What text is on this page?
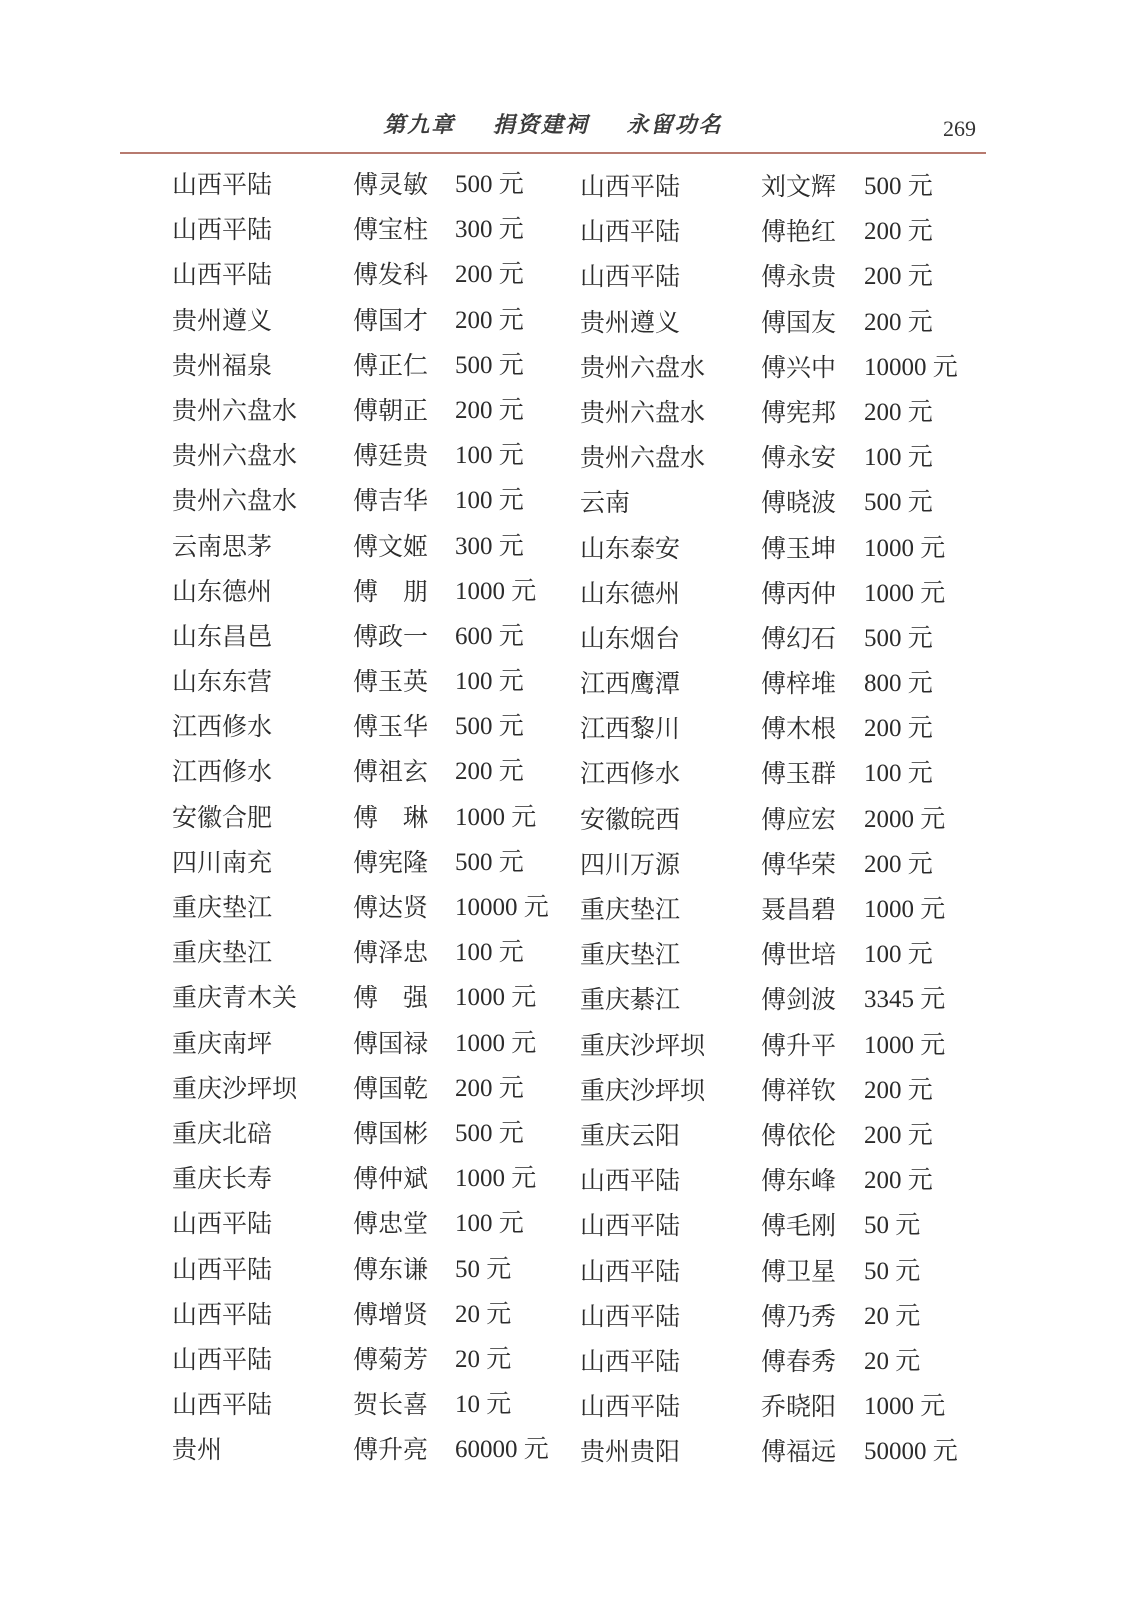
第九章 捐资建祠 永留功名	269
山西平陆	傅灵敏 500 元 山西平陆	刘文辉 500 元
山西平陆	傅宝柱 300 元 山西平陆	傅艳红 200 元
山西平陆	傅发科 200 元 山西平陆	傅永贵 200 元
贵州遵义	傅国才 200 元 贵州遵义	傅国友 200 元
贵州福泉	傅正仁 500 元 贵州六盘水 傅兴中 10000 元
贵州六盘水 傅朝正 200 元 贵州六盘水 傅宪邦 200 元
贵州六盘水 傅廷贵 100 元 贵州六盘水 傅永安 100 元
贵州六盘水 傅吉华 100 元 云南	傅晓波 500 元
云南思茅	傅文姬 300 元 山东泰安	傅玉坤 1000 元
山东德州	傅　朋 1000 元 山东德州	傅丙仲 1000 元
山东昌邑	傅政一 600 元 山东烟台	傅幻石 500 元
山东东营	傅玉英 100 元 江西鹰潭	傅梓堆 800 元
江西修水	傅玉华 500 元 江西黎川	傅木根 200 元
江西修水	傅祖玄 200 元 江西修水	傅玉群 100 元
安徽合肥	傅　琳 1000 元 安徽皖西	傅应宏 2000 元
四川南充	傅宪隆 500 元 四川万源	傅华荣 200 元
重庆垫江	傅达贤 10000 元 重庆垫江	聂昌碧 1000 元
重庆垫江	傅泽忠 100 元 重庆垫江	傅世培 100 元
重庆青木关 傅　强 1000 元 重庆綦江	傅剑波 3345 元
重庆南坪	傅国禄 1000 元 重庆沙坪坝 傅升平 1000 元
重庆沙坪坝 傅国乾 200 元 重庆沙坪坝 傅祥钦 200 元
重庆北碚	傅国彬 500 元 重庆云阳	傅依伦 200 元
重庆长寿	傅仲斌 1000 元 山西平陆	傅东峰 200 元
山西平陆	傅忠堂 100 元 山西平陆	傅毛刚 50 元
山西平陆	傅东谦 50 元	山西平陆	傅卫星 50 元
山西平陆	傅增贤 20 元	山西平陆	傅乃秀 20 元
山西平陆	傅菊芳 20 元	山西平陆	傅春秀 20 元
山西平陆	贺长喜 10 元	山西平陆	乔晓阳 1000 元
贵州	傅升亮 60000 元 贵州贵阳	傅福远 50000 元
